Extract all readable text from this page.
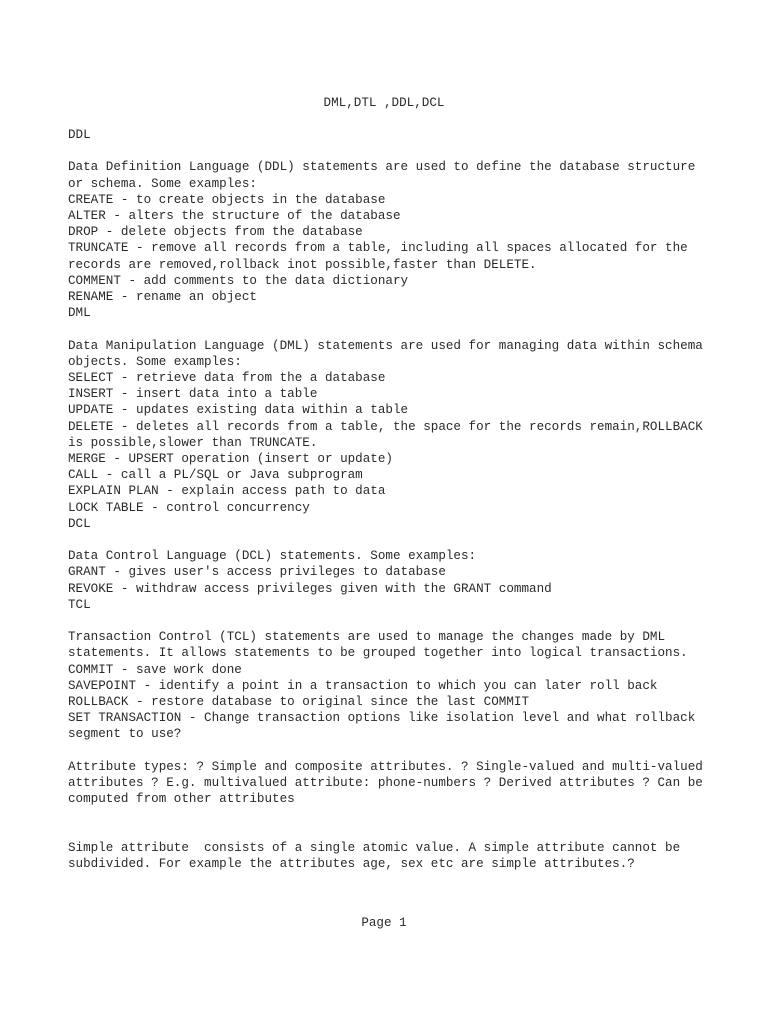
DML,DTL ,DDL,DCL
DDL
Data Definition Language (DDL) statements are used to define the database structure
or schema. Some examples:
CREATE - to create objects in the database
ALTER - alters the structure of the database
DROP - delete objects from the database
TRUNCATE - remove all records from a table, including all spaces allocated for the
records are removed,rollback inot possible,faster than DELETE.
COMMENT - add comments to the data dictionary
RENAME - rename an object
DML
Data Manipulation Language (DML) statements are used for managing data within schema
objects. Some examples:
SELECT - retrieve data from the a database
INSERT - insert data into a table
UPDATE - updates existing data within a table
DELETE - deletes all records from a table, the space for the records remain,ROLLBACK
is possible,slower than TRUNCATE.
MERGE - UPSERT operation (insert or update)
CALL - call a PL/SQL or Java subprogram
EXPLAIN PLAN - explain access path to data
LOCK TABLE - control concurrency
DCL
Data Control Language (DCL) statements. Some examples:
GRANT - gives user's access privileges to database
REVOKE - withdraw access privileges given with the GRANT command
TCL
Transaction Control (TCL) statements are used to manage the changes made by DML
statements. It allows statements to be grouped together into logical transactions.
COMMIT - save work done
SAVEPOINT - identify a point in a transaction to which you can later roll back
ROLLBACK - restore database to original since the last COMMIT
SET TRANSACTION - Change transaction options like isolation level and what rollback
segment to use?
Attribute types: ? Simple and composite attributes. ? Single-valued and multi-valued
attributes ? E.g. multivalued attribute: phone-numbers ? Derived attributes ? Can be
computed from other attributes
Simple attribute  consists of a single atomic value. A simple attribute cannot be
subdivided. For example the attributes age, sex etc are simple attributes.?
Page 1
